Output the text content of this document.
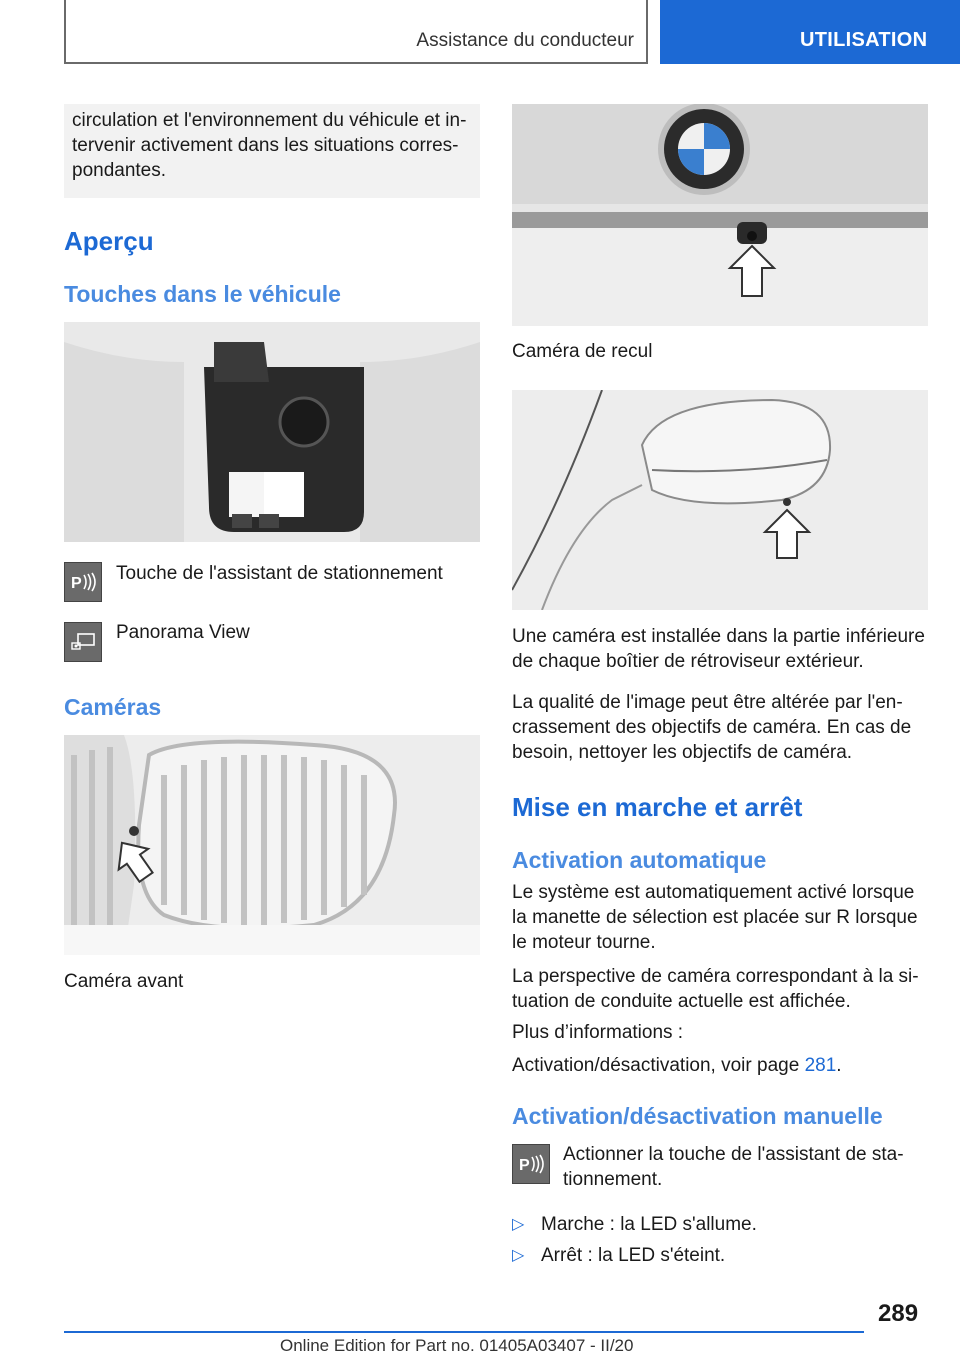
Assistance du conducteur	UTILISATION

circulation et l'environnement du véhicule et in-
tervenir activement dans les situations corres-
pondantes.

Aperçu
Touches dans le véhicule
P Touche de l'assistant de stationnement
Panorama View
Caméras
Caméra avant
Caméra de recul
Une caméra est installée dans la partie inférieure
de chaque boîtier de rétroviseur extérieur.
La qualité de l'image peut être altérée par l'en-
crassement des objectifs de caméra. En cas de
besoin, nettoyer les objectifs de caméra.
Mise en marche et arrêt
Activation automatique
Le système est automatiquement activé lorsque
la manette de sélection est placée sur R lorsque
le moteur tourne.
La perspective de caméra correspondant à la si-
tuation de conduite actuelle est affichée.
Plus d’informations :
Activation/désactivation, voir page 281.
Activation/désactivation manuelle
P
Actionner la touche de l'assistant de sta-
tionnement.
▷ Marche : la LED s'allume.
▷ Arrêt : la LED s'éteint.
289
Online Edition for Part no. 01405A03407 - II/20
